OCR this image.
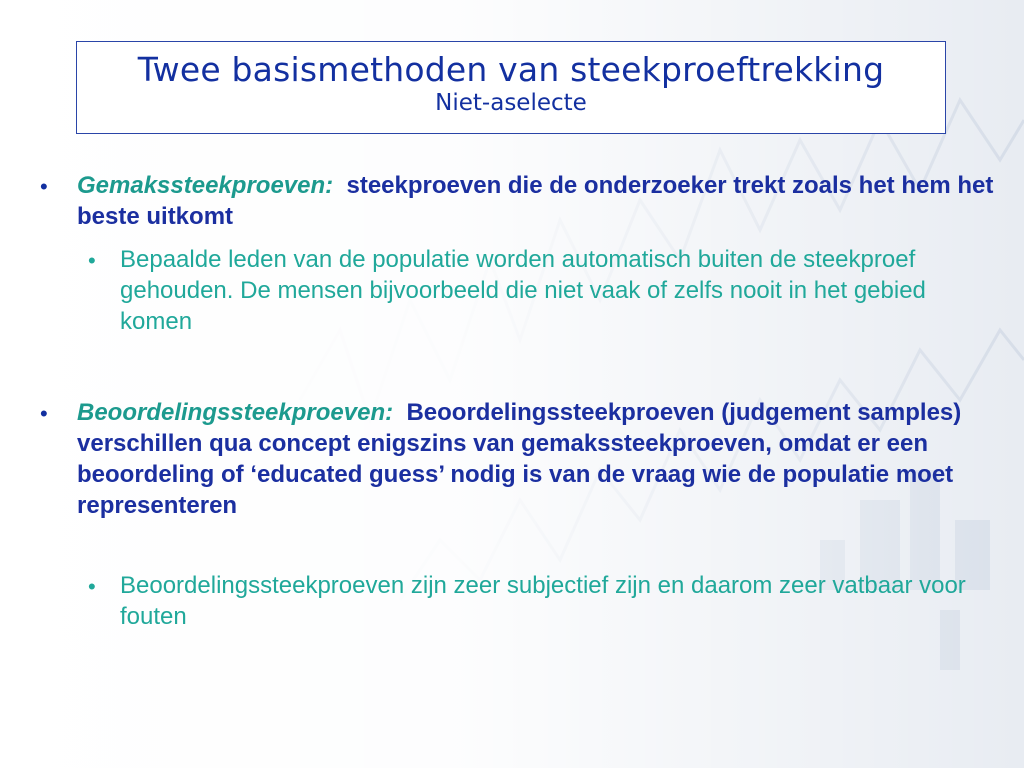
Twee basismethoden van steekproeftrekking
Niet-aselecte
• Gemakssteekproeven: steekproeven die de onderzoeker trekt zoals het hem het beste uitkomt
• Bepaalde leden van de populatie worden automatisch buiten de steekproef gehouden. De mensen bijvoorbeeld die niet vaak of zelfs nooit in het gebied komen
• Beoordelingssteekproeven: Beoordelingssteekproeven (judgement samples) verschillen qua concept enigszins van gemakssteekproeven, omdat er een beoordeling of ‘educated guess’ nodig is van de vraag wie de populatie moet representeren
• Beoordelingssteekproeven zijn zeer subjectief zijn en daarom zeer vatbaar voor fouten
